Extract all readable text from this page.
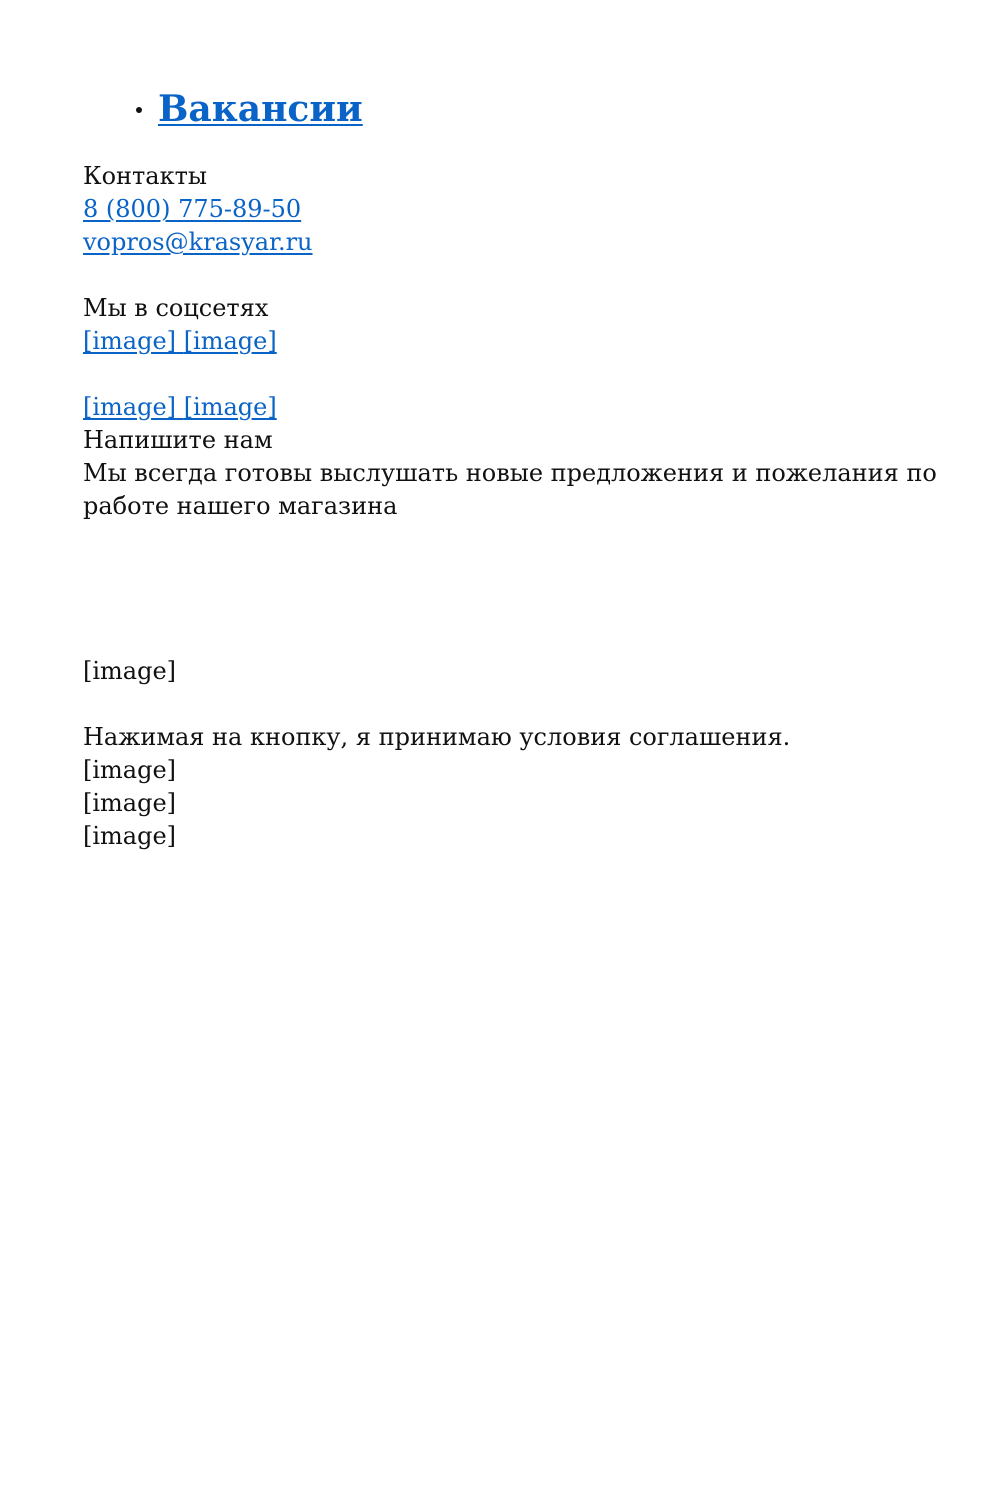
Вакансии
Контакты
8 (800) 775-89-50
vopros@krasyar.ru
Мы в соцсетях
[image] [image]
[image] [image]
Напишите нам
Мы всегда готовы выслушать новые предложения и пожелания по работе нашего магазина
[image]
Нажимая на кнопку, я принимаю условия соглашения.
[image]
[image]
[image]
